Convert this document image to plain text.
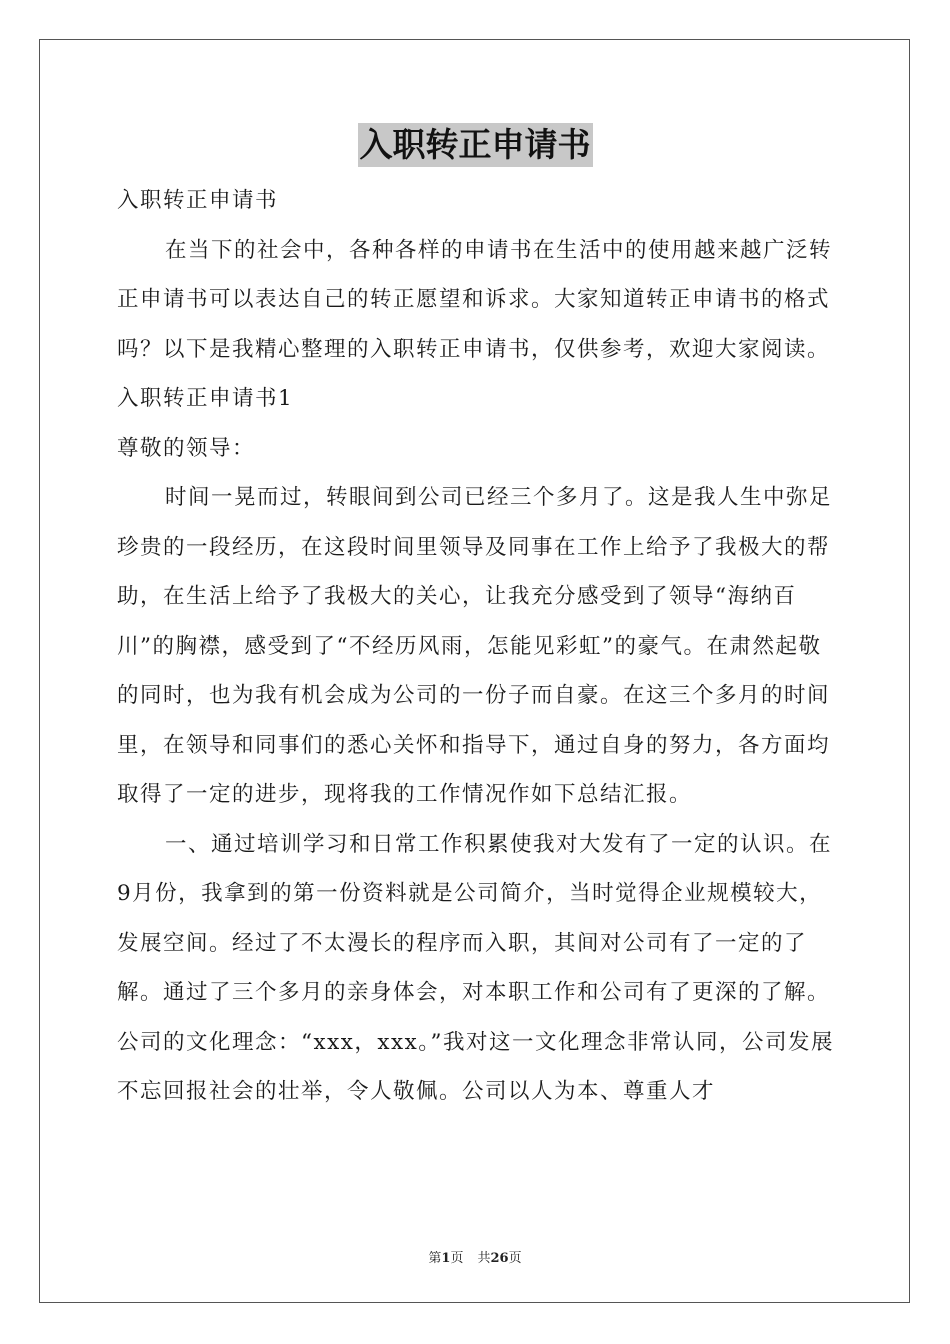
入职转正申请书

入职转正申请书

在当下的社会中，各种各样的申请书在生活中的使用越来越广泛转正申请书可以表达自己的转正愿望和诉求。大家知道转正申请书的格式吗？以下是我精心整理的入职转正申请书，仅供参考，欢迎大家阅读。

入职转正申请书1

尊敬的领导：

时间一晃而过，转眼间到公司已经三个多月了。这是我人生中弥足珍贵的一段经历，在这段时间里领导及同事在工作上给予了我极大的帮助，在生活上给予了我极大的关心，让我充分感受到了领导“海纳百川”的胸襟，感受到了“不经历风雨，怎能见彩虹”的豪气。在肃然起敬的同时，也为我有机会成为公司的一份子而自豪。在这三个多月的时间里，在领导和同事们的悉心关怀和指导下，通过自身的努力，各方面均取得了一定的进步，现将我的工作情况作如下总结汇报。

一、通过培训学习和日常工作积累使我对大发有了一定的认识。在9月份，我拿到的第一份资料就是公司简介，当时觉得企业规模较大，发展空间。经过了不太漫长的程序而入职，其间对公司有了一定的了解。通过了三个多月的亲身体会，对本职工作和公司有了更深的了解。公司的文化理念：“xxx，xxx。”我对这一文化理念非常认同，公司发展不忘回报社会的壮举，令人敬佩。公司以人为本、尊重人才

第1页 共26页
